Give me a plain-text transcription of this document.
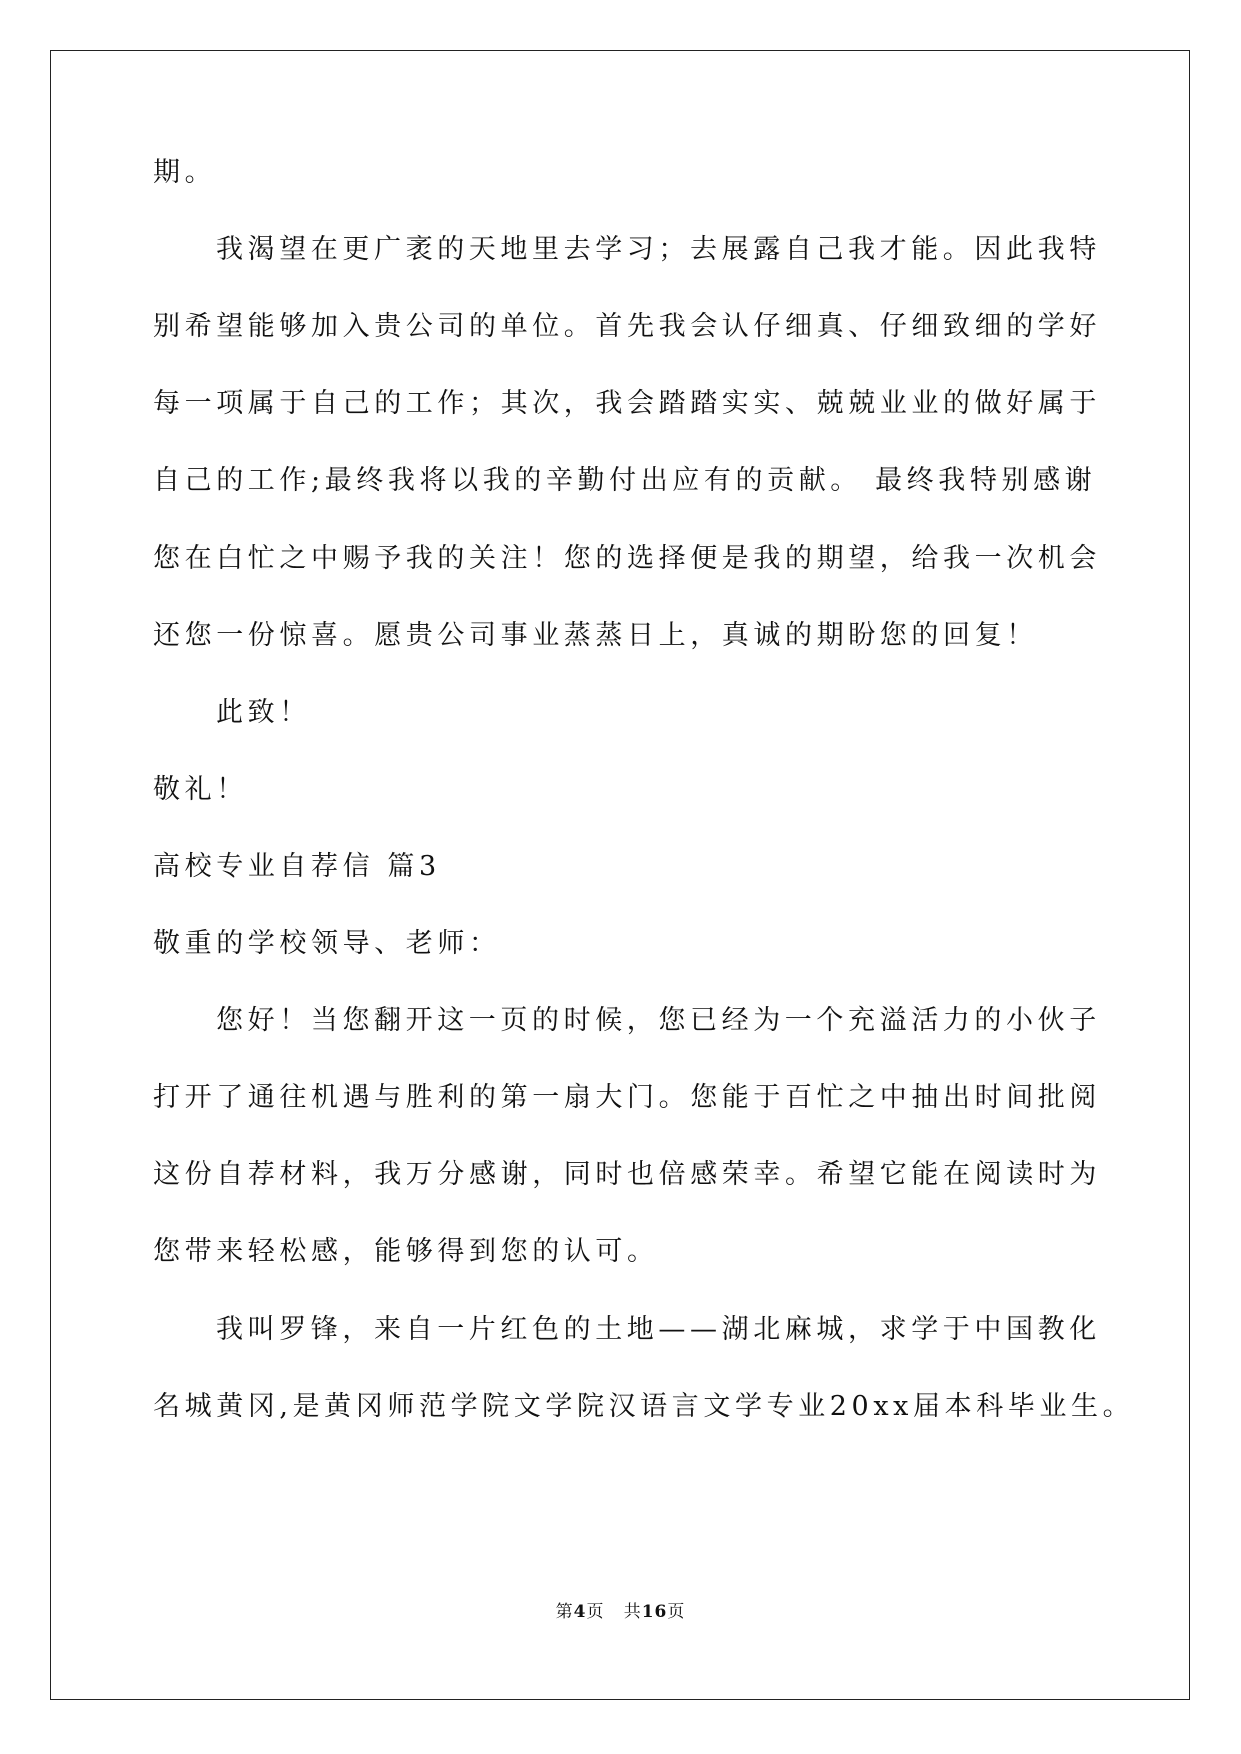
期。
我渴望在更广袤的天地里去学习；去展露自己我才能。因此我特
别希望能够加入贵公司的单位。首先我会认仔细真、仔细致细的学好
每一项属于自己的工作；其次，我会踏踏实实、兢兢业业的做好属于
自己的工作;最终我将以我的辛勤付出应有的贡献。 最终我特别感谢
您在白忙之中赐予我的关注！您的选择便是我的期望，给我一次机会
还您一份惊喜。愿贵公司事业蒸蒸日上，真诚的期盼您的回复！
此致！
敬礼！
高校专业自荐信 篇3
敬重的学校领导、老师：
您好！当您翻开这一页的时候，您已经为一个充溢活力的小伙子
打开了通往机遇与胜利的第一扇大门。您能于百忙之中抽出时间批阅
这份自荐材料，我万分感谢，同时也倍感荣幸。希望它能在阅读时为
您带来轻松感，能够得到您的认可。
我叫罗锋，来自一片红色的土地——湖北麻城，求学于中国教化
名城黄冈,是黄冈师范学院文学院汉语言文学专业20xx届本科毕业生。
第4页 共16页
